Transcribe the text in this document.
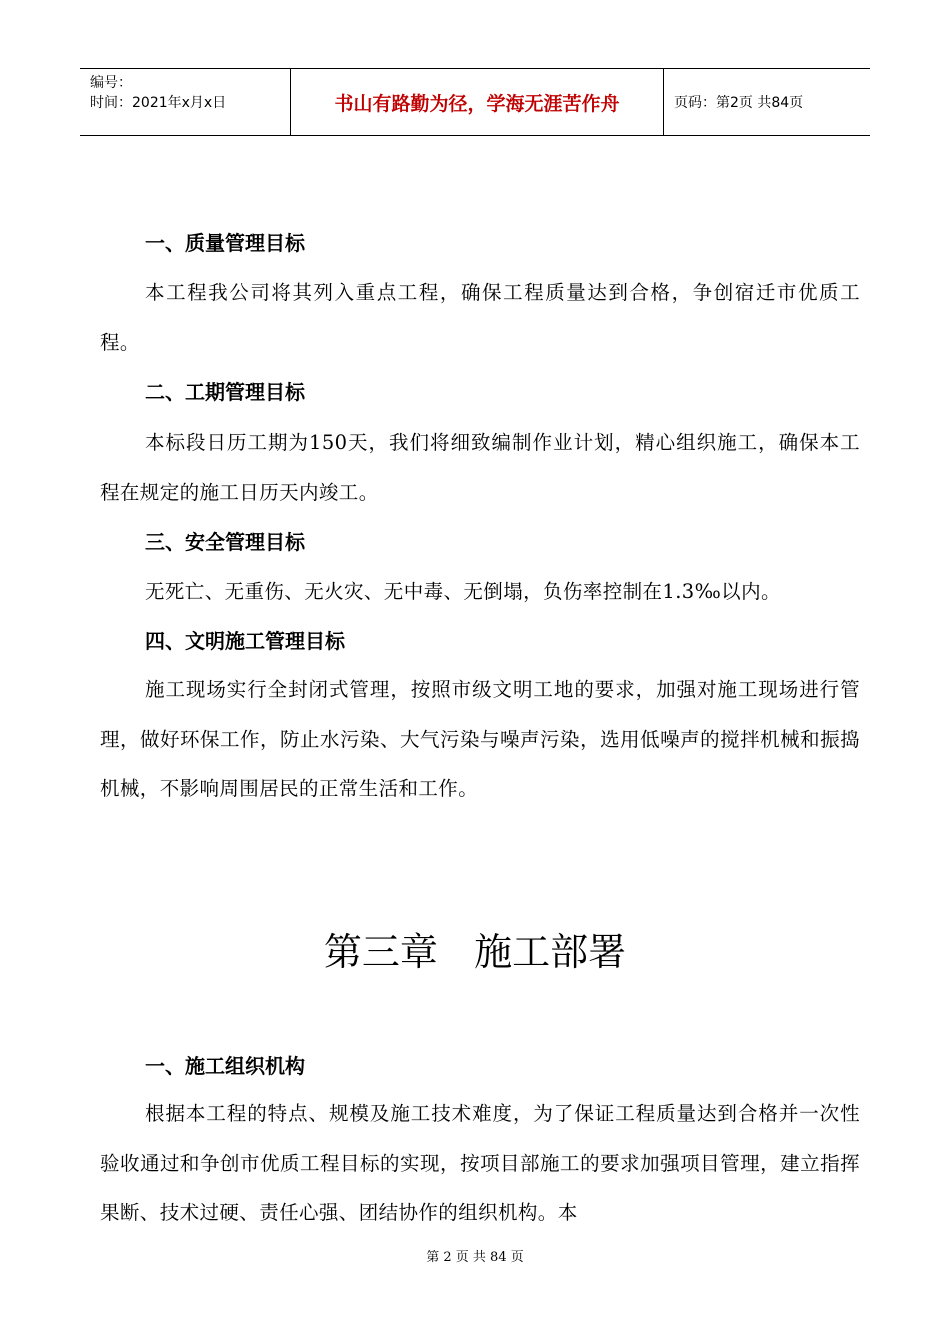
编号：
时间：2021年x月x日	书山有路勤为径，学海无涯苦作舟	页码：第2页 共84页
一、质量管理目标

本工程我公司将其列入重点工程，确保工程质量达到合格，争创宿迁市优质工程。

二、工期管理目标

本标段日历工期为150天，我们将细致编制作业计划，精心组织施工，确保本工程在规定的施工日历天内竣工。

三、安全管理目标

无死亡、无重伤、无火灾、无中毒、无倒塌，负伤率控制在1.3‰以内。

四、文明施工管理目标

施工现场实行全封闭式管理，按照市级文明工地的要求，加强对施工现场进行管理，做好环保工作，防止水污染、大气污染与噪声污染，选用低噪声的搅拌机械和振捣机械，不影响周围居民的正常生活和工作。

第三章   施工部署
一、施工组织机构

根据本工程的特点、规模及施工技术难度，为了保证工程质量达到合格并一次性验收通过和争创市优质工程目标的实现，按项目部施工的要求加强项目管理，建立指挥果断、技术过硬、责任心强、团结协作的组织机构。本

第 2 页 共 84 页
